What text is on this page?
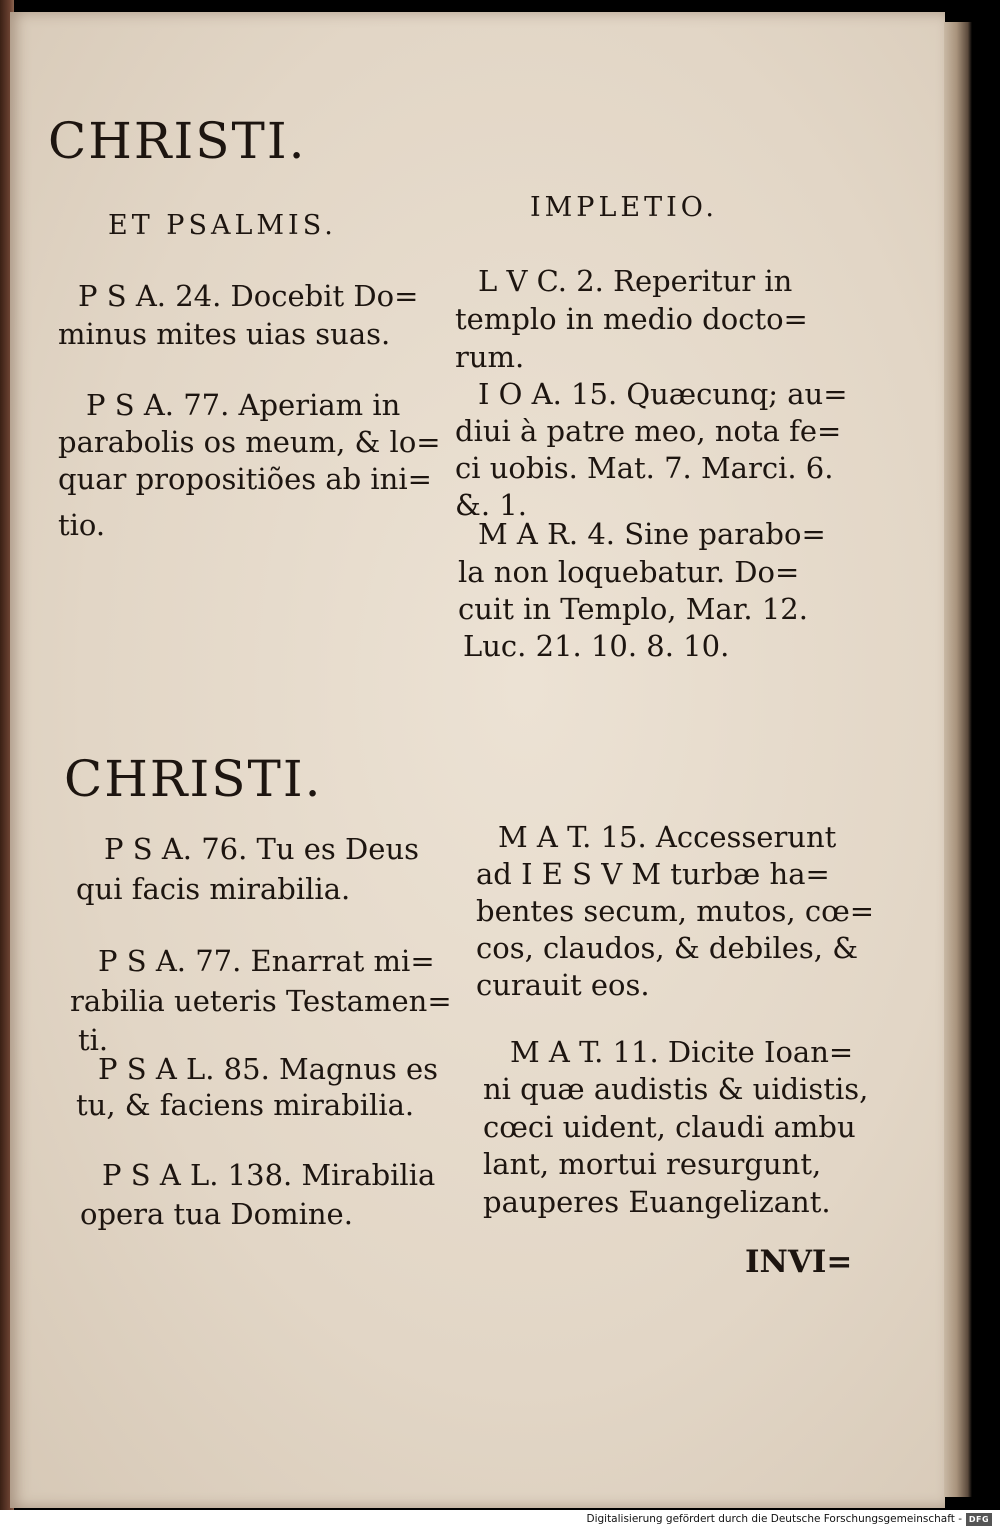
CHRISTI.
ET PSALMIS.
IMPLETIO.
P S A. 24. Docebit Do=
minus mites uias suas.
P S A. 77. Aperiam in
parabolis os meum, & lo=
quar propositiões ab ini=
tio.
L V C. 2. Reperitur in
templo in medio docto=
rum.
I O A. 15. Quæcunq; au=
diui à patre meo, nota fe=
ci uobis. Mat. 7. Marci. 6.
&. 1.
M A R. 4. Sine parabo=
la non loquebatur. Do=
cuit in Templo, Mar. 12.
Luc. 21. 10. 8. 10.
CHRISTI.
P S A. 76. Tu es Deus
qui facis mirabilia.
P S A. 77. Enarrat mi=
rabilia ueteris Testamen=
ti.
P S A L. 85. Magnus es
tu, & faciens mirabilia.
P S A L. 138. Mirabilia
opera tua Domine.
M A T. 15. Accesserunt
ad I E S V M turbæ ha=
bentes secum, mutos, cœ=
cos, claudos, & debiles, &
curauit eos.
M A T. 11. Dicite Ioan=
ni quæ audistis & uidistis,
cœci uident, claudi ambu
lant, mortui resurgunt,
pauperes Euangelizant.
INVI=
Digitalisierung gefördert durch die Deutsche Forschungsgemeinschaft - DFG
